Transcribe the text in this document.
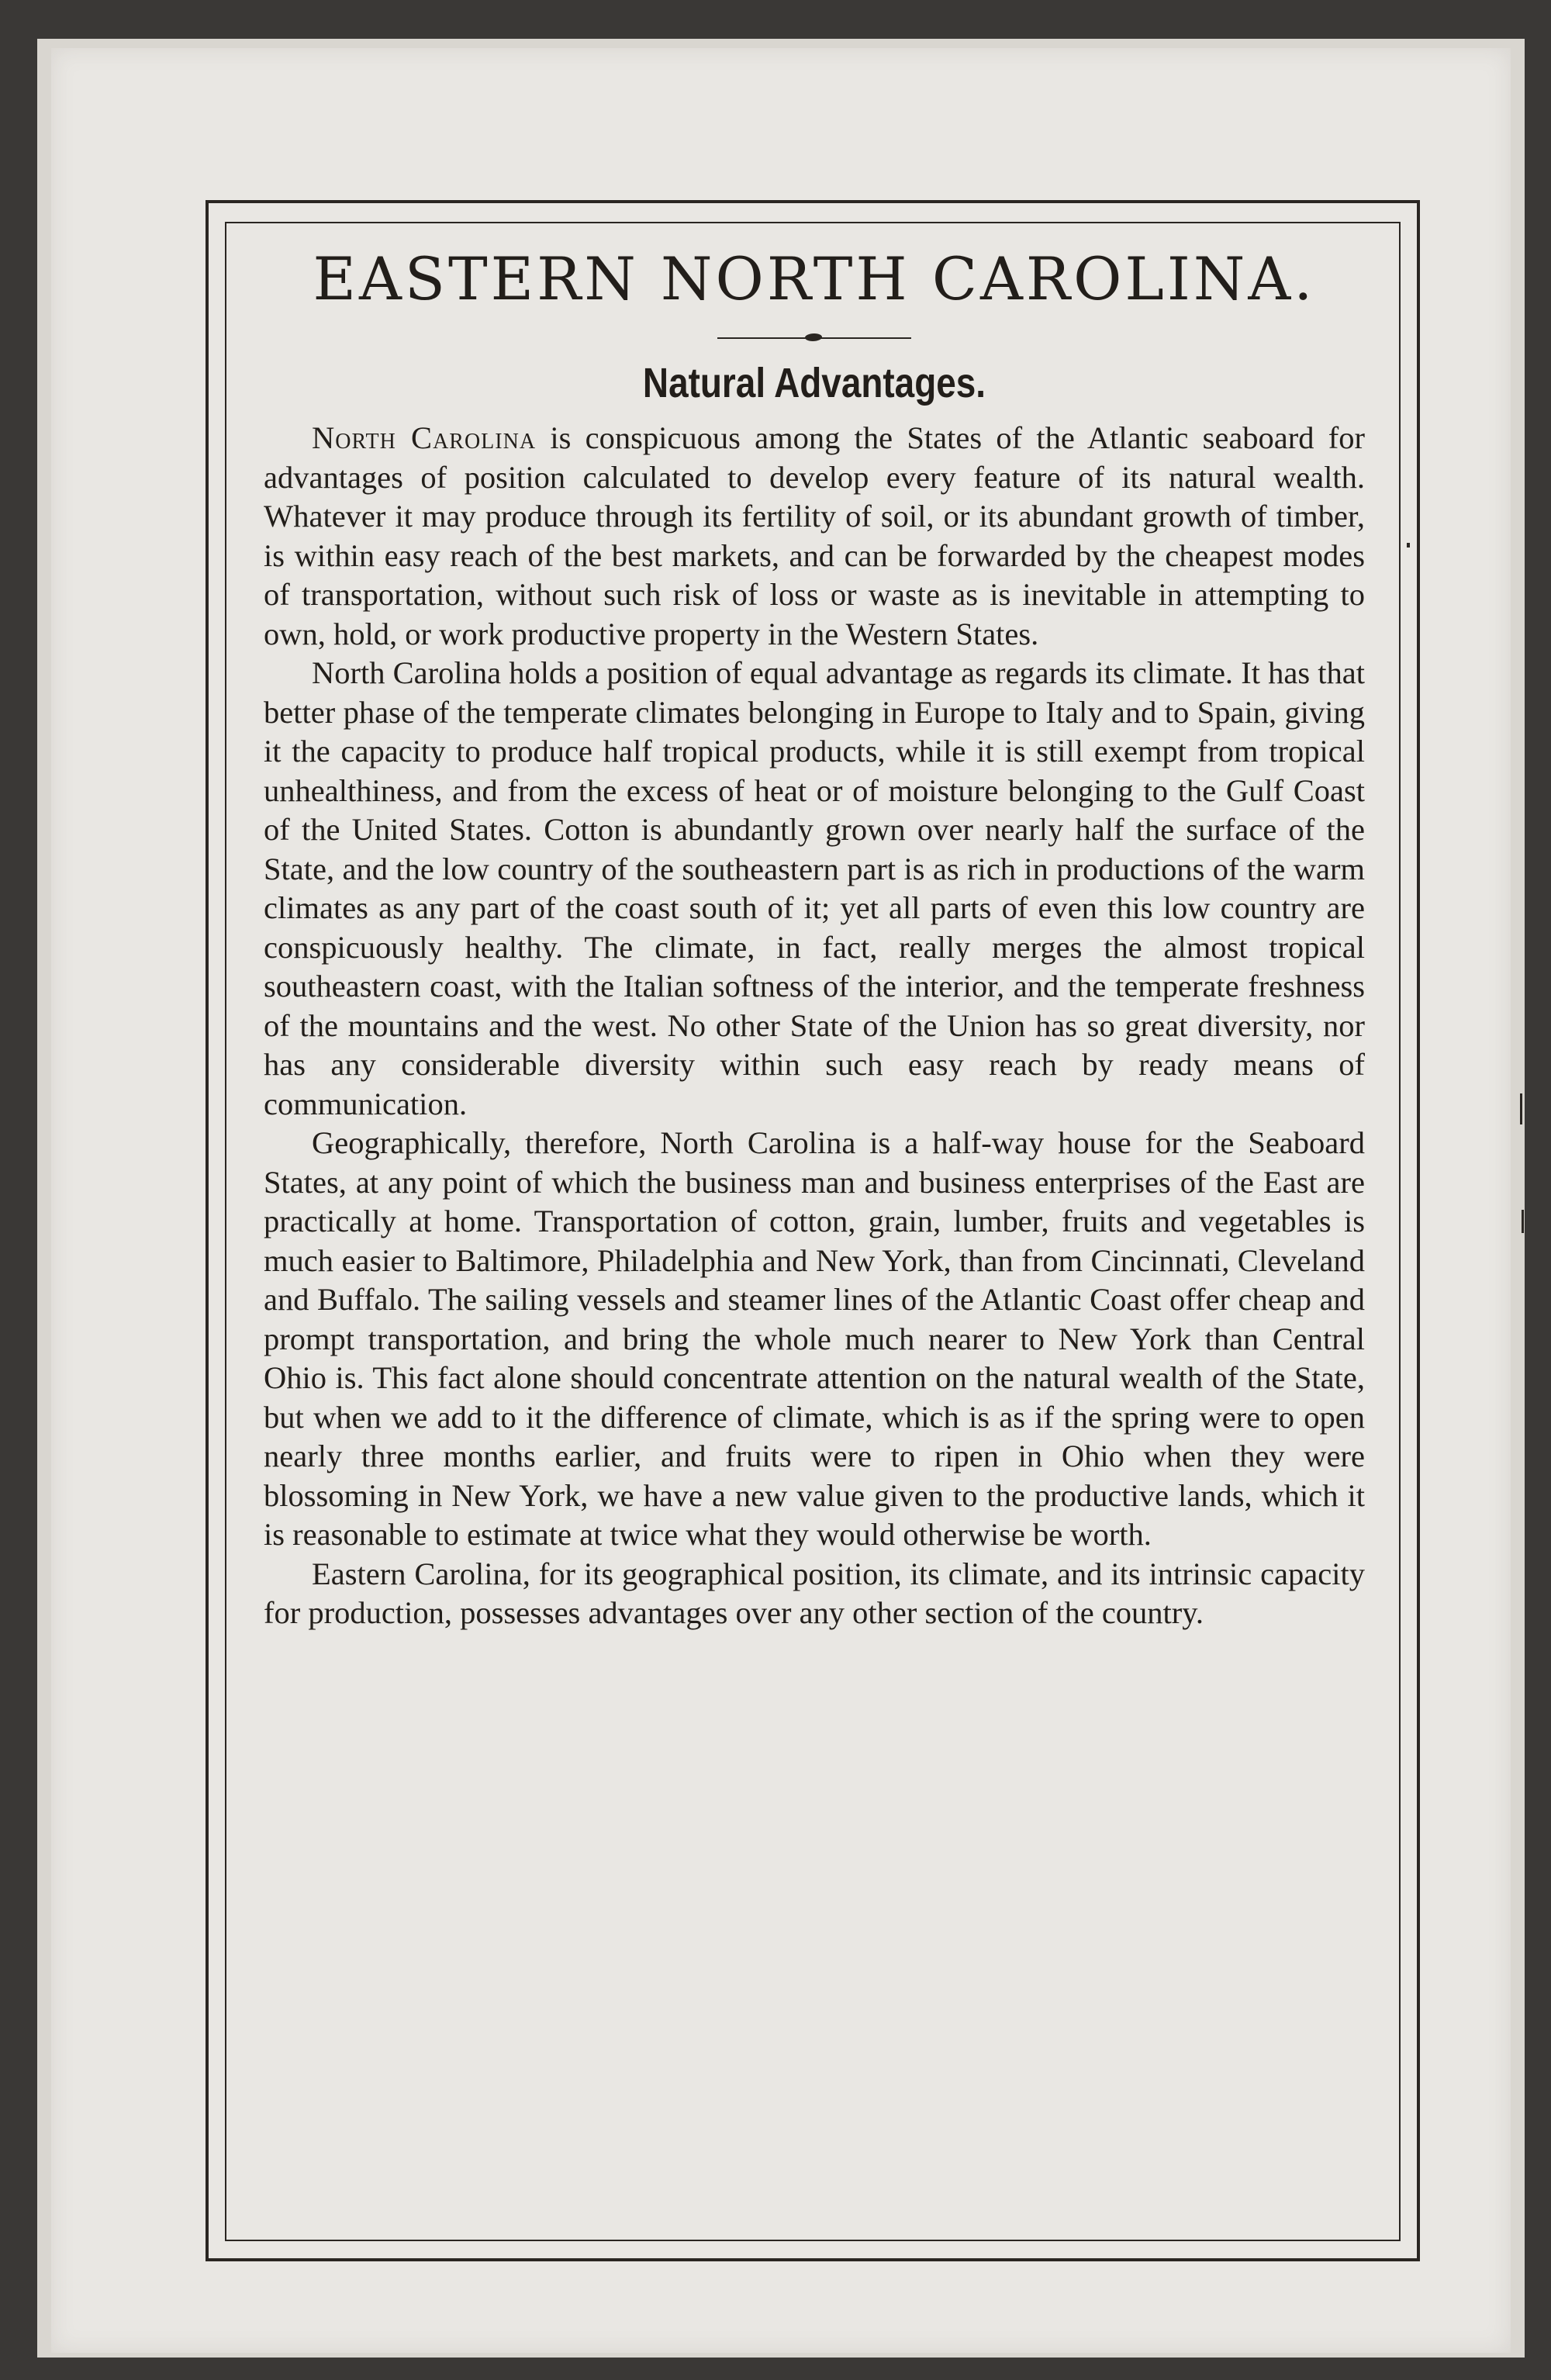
EASTERN NORTH CAROLINA.
Natural Advantages.

North Carolina is conspicuous among the States of the Atlantic seaboard for advantages of position calculated to develop every feature of its natural wealth. Whatever it may produce through its fertility of soil, or its abundant growth of timber, is within easy reach of the best markets, and can be forwarded by the cheapest modes of transportation, without such risk of loss or waste as is inevitable in attempting to own, hold, or work productive property in the Western States.

North Carolina holds a position of equal advantage as regards its climate. It has that better phase of the temperate climates belonging in Europe to Italy and to Spain, giving it the capacity to produce half tropical products, while it is still exempt from tropical unhealthiness, and from the excess of heat or of moisture belonging to the Gulf Coast of the United States. Cotton is abundantly grown over nearly half the surface of the State, and the low country of the southeastern part is as rich in productions of the warm climates as any part of the coast south of it; yet all parts of even this low country are conspicuously healthy. The climate, in fact, really merges the almost tropical southeastern coast, with the Italian softness of the interior, and the temperate freshness of the mountains and the west. No other State of the Union has so great diversity, nor has any considerable diversity within such easy reach by ready means of communication.

Geographically, therefore, North Carolina is a half-way house for the Seaboard States, at any point of which the business man and business enterprises of the East are practically at home. Transportation of cotton, grain, lumber, fruits and vegetables is much easier to Baltimore, Philadelphia and New York, than from Cincinnati, Cleveland and Buffalo. The sailing vessels and steamer lines of the Atlantic Coast offer cheap and prompt transportation, and bring the whole much nearer to New York than Central Ohio is. This fact alone should concentrate attention on the natural wealth of the State, but when we add to it the difference of climate, which is as if the spring were to open nearly three months earlier, and fruits were to ripen in Ohio when they were blossoming in New York, we have a new value given to the productive lands, which it is reasonable to estimate at twice what they would otherwise be worth.

Eastern Carolina, for its geographical position, its climate, and its intrinsic capacity for production, possesses advantages over any other section of the country.
